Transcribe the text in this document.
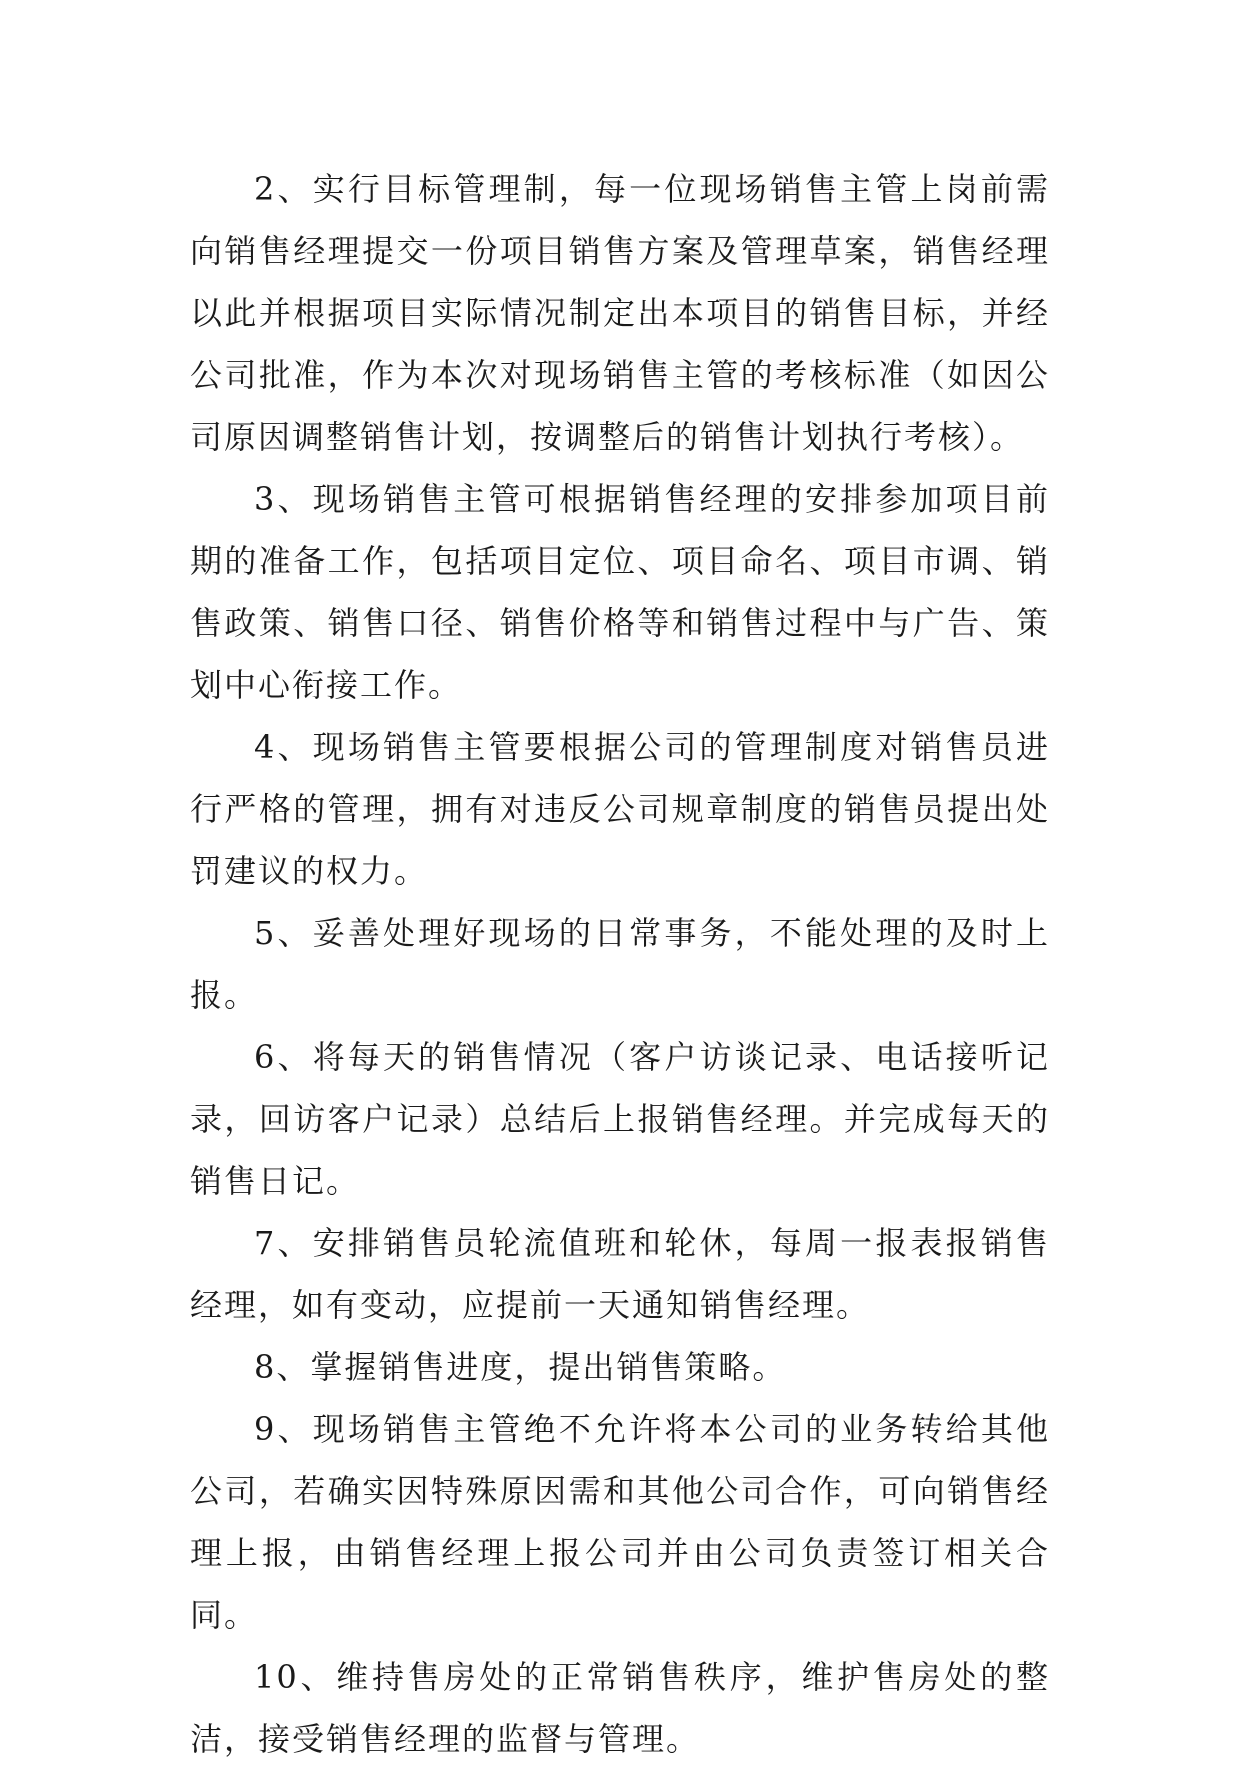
2、实行目标管理制，每一位现场销售主管上岗前需向销售经理提交一份项目销售方案及管理草案，销售经理以此并根据项目实际情况制定出本项目的销售目标，并经公司批准，作为本次对现场销售主管的考核标准（如因公司原因调整销售计划，按调整后的销售计划执行考核）。

3、现场销售主管可根据销售经理的安排参加项目前期的准备工作，包括项目定位、项目命名、项目市调、销售政策、销售口径、销售价格等和销售过程中与广告、策划中心衔接工作。

4、现场销售主管要根据公司的管理制度对销售员进行严格的管理，拥有对违反公司规章制度的销售员提出处罚建议的权力。

5、妥善处理好现场的日常事务，不能处理的及时上报。

6、将每天的销售情况（客户访谈记录、电话接听记录，回访客户记录）总结后上报销售经理。并完成每天的销售日记。

7、安排销售员轮流值班和轮休，每周一报表报销售经理，如有变动，应提前一天通知销售经理。

8、掌握销售进度，提出销售策略。

9、现场销售主管绝不允许将本公司的业务转给其他公司，若确实因特殊原因需和其他公司合作，可向销售经理上报，由销售经理上报公司并由公司负责签订相关合同。

10、维持售房处的正常销售秩序，维护售房处的整洁，接受销售经理的监督与管理。
